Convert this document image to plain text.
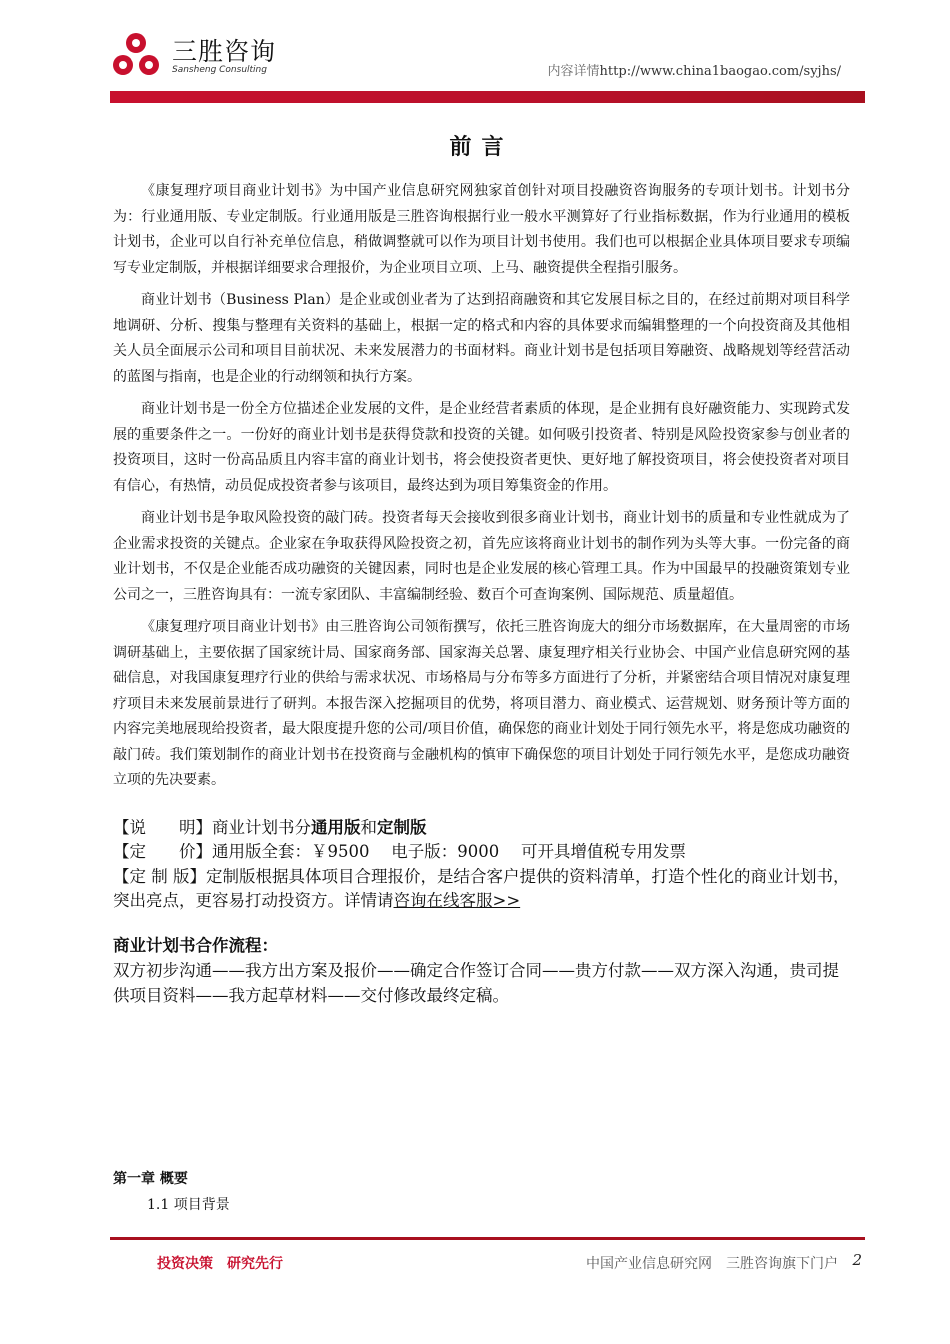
三胜咨询
Sansheng Consulting	内容详情http://www.china1baogao.com/syjhs/
前言

《康复理疗项目商业计划书》为中国产业信息研究网独家首创针对项目投融资咨询服务的专项计划书。计划书分为：行业通用版、专业定制版。行业通用版是三胜咨询根据行业一般水平测算好了行业指标数据，作为行业通用的模板计划书，企业可以自行补充单位信息，稍做调整就可以作为项目计划书使用。我们也可以根据企业具体项目要求专项编写专业定制版，并根据详细要求合理报价，为企业项目立项、上马、融资提供全程指引服务。

商业计划书（Business Plan）是企业或创业者为了达到招商融资和其它发展目标之目的，在经过前期对项目科学地调研、分析、搜集与整理有关资料的基础上，根据一定的格式和内容的具体要求而编辑整理的一个向投资商及其他相关人员全面展示公司和项目目前状况、未来发展潜力的书面材料。商业计划书是包括项目筹融资、战略规划等经营活动的蓝图与指南，也是企业的行动纲领和执行方案。

商业计划书是一份全方位描述企业发展的文件，是企业经营者素质的体现，是企业拥有良好融资能力、实现跨式发展的重要条件之一。一份好的商业计划书是获得贷款和投资的关键。如何吸引投资者、特别是风险投资家参与创业者的投资项目，这时一份高品质且内容丰富的商业计划书，将会使投资者更快、更好地了解投资项目，将会使投资者对项目有信心，有热情，动员促成投资者参与该项目，最终达到为项目筹集资金的作用。

商业计划书是争取风险投资的敲门砖。投资者每天会接收到很多商业计划书，商业计划书的质量和专业性就成为了企业需求投资的关键点。企业家在争取获得风险投资之初，首先应该将商业计划书的制作列为头等大事。一份完备的商业计划书，不仅是企业能否成功融资的关键因素，同时也是企业发展的核心管理工具。作为中国最早的投融资策划专业公司之一，三胜咨询具有：一流专家团队、丰富编制经验、数百个可查询案例、国际规范、质量超值。

《康复理疗项目商业计划书》由三胜咨询公司领衔撰写，依托三胜咨询庞大的细分市场数据库，在大量周密的市场调研基础上，主要依据了国家统计局、国家商务部、国家海关总署、康复理疗相关行业协会、中国产业信息研究网的基础信息，对我国康复理疗行业的供给与需求状况、市场格局与分布等多方面进行了分析，并紧密结合项目情况对康复理疗项目未来发展前景进行了研判。本报告深入挖掘项目的优势，将项目潜力、商业模式、运营规划、财务预计等方面的内容完美地展现给投资者，最大限度提升您的公司/项目价值，确保您的商业计划处于同行领先水平，将是您成功融资的敲门砖。我们策划制作的商业计划书在投资商与金融机构的慎审下确保您的项目计划处于同行领先水平，是您成功融资立项的先决要素。

【说　　明】商业计划书分通用版和定制版

【定　　价】通用版全套：￥9500　 电子版：9000　 可开具增值税专用发票

【定 制 版】定制版根据具体项目合理报价，是结合客户提供的资料清单，打造个性化的商业计划书，突出亮点，更容易打动投资方。详情请咨询在线客服>>

商业计划书合作流程：
双方初步沟通——我方出方案及报价——确定合作签订合同——贵方付款——双方深入沟通，贵司提供项目资料——我方起草材料——交付修改最终定稿。
第一章 概要
1.1 项目背景
投资决策 研究先行	中国产业信息研究网 三胜咨询旗下门户 2
